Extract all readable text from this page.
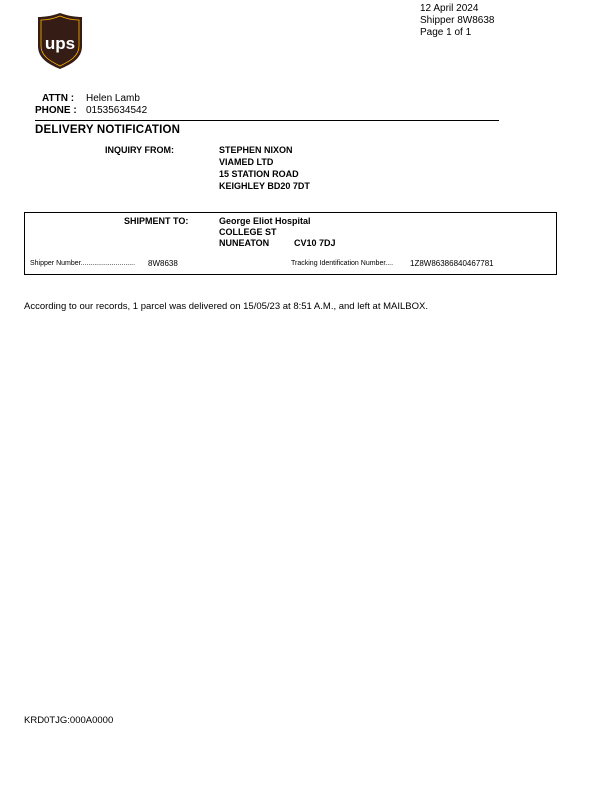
12 April 2024
Shipper 8W8638
Page 1 of 1
ups
ATTN : Helen Lamb
PHONE : 01535634542
DELIVERY NOTIFICATION
INQUIRY FROM:	STEPHEN NIXON
VIAMED LTD
15 STATION ROAD
KEIGHLEY BD20 7DT
SHIPMENT TO:	George Eliot Hospital
COLLEGE ST
NUNEATON	CV10 7DJ
Shipper Number............................ 8W8638	Tracking Identification Number.... 1Z8W86386840467781
According to our records, 1 parcel was delivered on 15/05/23 at 8:51 A.M., and left at MAILBOX.
KRD0TJG:000A0000
